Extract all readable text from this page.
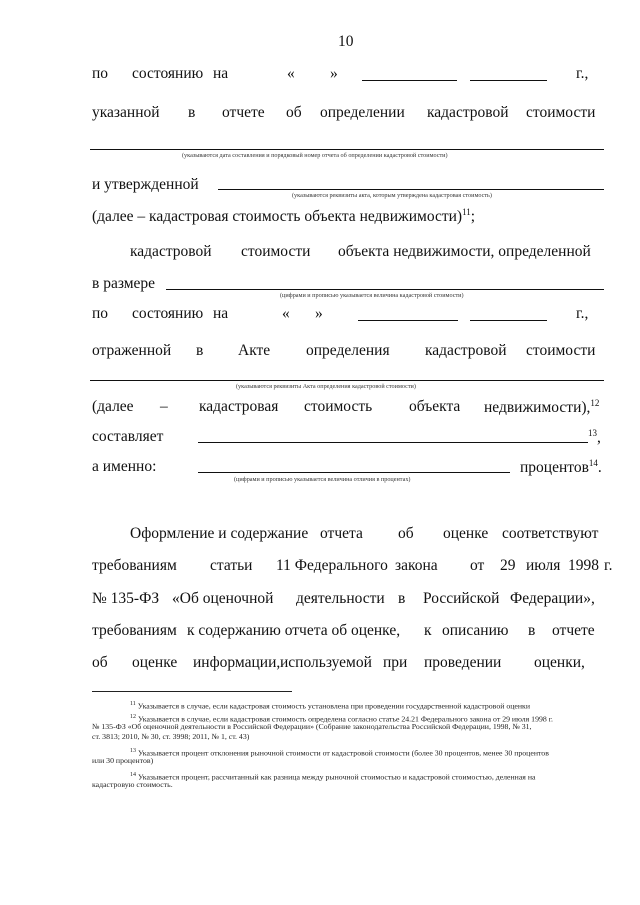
10
по состоянию на	« »	г.,
указанной в отчете об определении кадастровой стоимости
(указываются дата составления и порядковый номер отчета об определении кадастровой стоимости)
и утвержденной
(указываются реквизиты акта, которым утверждена кадастровая стоимость)
(далее – кадастровая стоимость объекта недвижимости)$^{11}$;
кадастровой стоимости объекта недвижимости, определенной
в размере
(цифрами и прописью указывается величина кадастровой стоимости)
по состоянию на	« »	г.,
отраженной в Акте определения кадастровой стоимости
(указываются реквизиты Акта определения кадастровой стоимости)
(далее – кадастровая стоимость объекта недвижимости),$^{12}$
составляет	$^{13}$,
а именно:	процентов$^{14}$.
(цифрами и прописью указывается величина отличия в процентах)
Оформление и содержание отчета об оценке соответствуют
требованиям статьи 11 Федерального закона от 29 июля 1998 г.
№ 135-ФЗ «Об оценочной деятельности в Российской Федерации»,
требованиям к содержанию отчета об оценке, к описанию в отчете
об оценке информации, используемой при проведении оценки,
$^{11}$ Указывается в случае, если кадастровая стоимость установлена при проведении государственной кадастровой оценки
$^{12}$ Указывается в случае, если кадастровая стоимость определена согласно статье 24.21 Федерального закона от 29 июля 1998 г.
№ 135-ФЗ «Об оценочной деятельности в Российской Федерации» (Собрание законодательства Российской Федерации, 1998, № 31,
ст. 3813; 2010, № 30, ст. 3998; 2011, № 1, ст. 43)
$^{13}$ Указывается процент отклонения рыночной стоимости от кадастровой стоимости (более 30 процентов, менее 30 процентов
или 30 процентов)
$^{14}$ Указывается процент, рассчитанный как разница между рыночной стоимостью и кадастровой стоимостью, деленная на
кадастровую стоимость.
